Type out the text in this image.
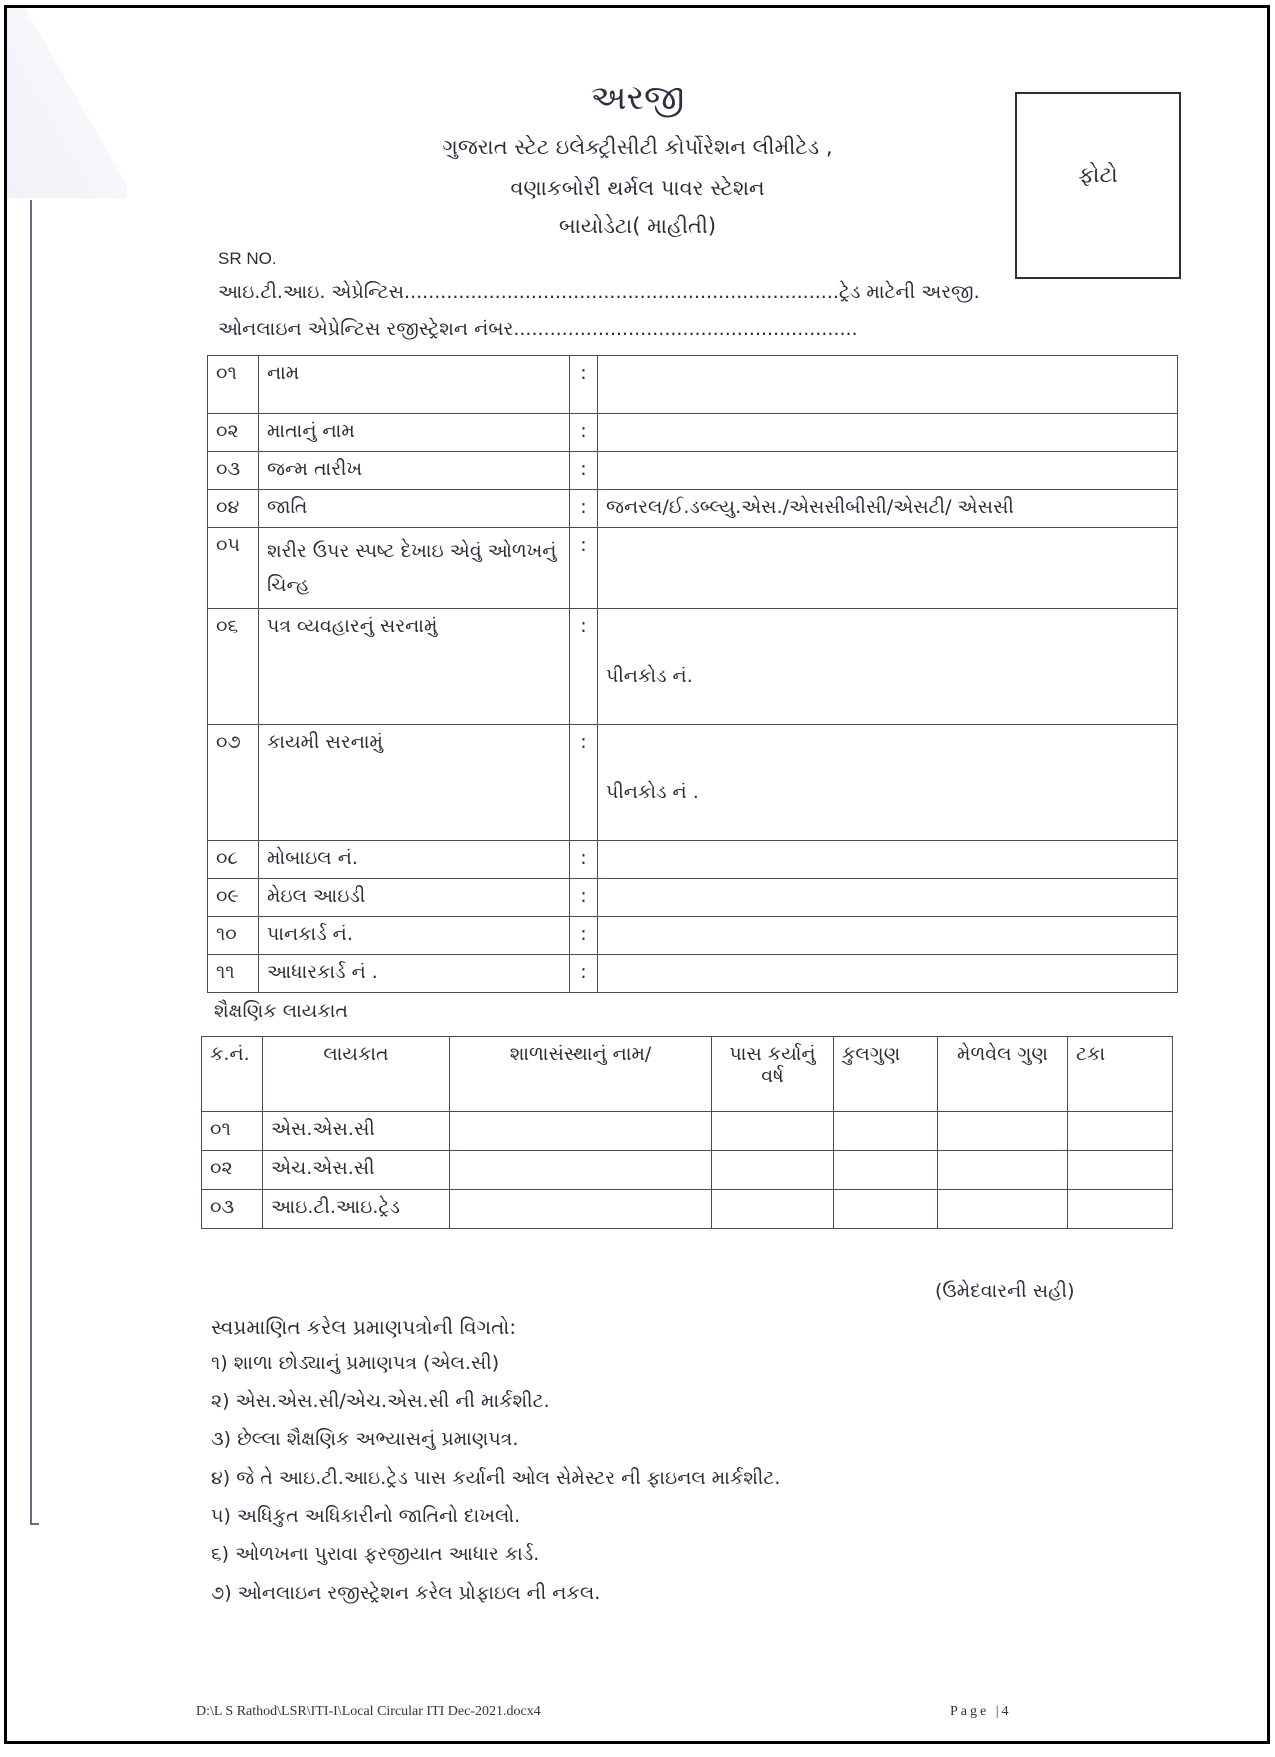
અરજી
ગુજરાત સ્ટેટ ઇલેક્ટ્રીસીટી કોર્પોરેશન લીમીટેડ ,
વણાકબોરી થર્મલ પાવર સ્ટેશન
બાયોડેટા( માહીતી)
ફોટો
SR NO.
આઇ.ટી.આઇ. એપ્રેન્ટિસ........................................................................ટ્રેડ માટેની અરજી.
ઓનલાઇન એપ્રેન્ટિસ રજીસ્ટ્રેશન નંબર.........................................................
૦૧	નામ	:	
૦૨	માતાનું નામ	:	
૦૩	જન્મ તારીખ	:	
૦૪	જાતિ	:	જનરલ/ઈ.ડબ્લ્યુ.એસ./એસસીબીસી/એસટી/ એસસી
૦૫	શરીર ઉપર સ્પષ્ટ દેખાઇ એવું ઓળખનું ચિન્હ	:	
૦૬	પત્ર વ્યવહારનું સરનામું	:	પીનકોડ નં.

૦૭	કાયમી સરનામું	:	પીનકોડ નં .

૦૮	મોબાઇલ નં.	:	
૦૯	મેઇલ આઇડી	:	
૧૦	પાનકાર્ડ નં.	:	
૧૧	આધારકાર્ડ નં .	:	
શૈક્ષણિક લાયકાત
ક.નં.	લાયકાત	શાળાસંસ્થાનું નામ/	પાસ કર્યાનું વર્ષ	કુલગુણ	મેળવેલ ગુણ	ટકા
૦૧	એસ.એસ.સી					
૦૨	એચ.એસ.સી					
૦૩	આઇ.ટી.આઇ.ટ્રેડ					
(ઉમેદવારની સહી)
સ્વપ્રમાણિત કરેલ પ્રમાણપત્રોની વિગતો:
૧) શાળા છોડ્યાનું પ્રમાણપત્ર (એલ.સી)
૨) એસ.એસ.સી/એચ.એસ.સી ની માર્કશીટ.
૩) છેલ્લા શૈક્ષણિક અભ્યાસનું પ્રમાણપત્ર.
૪) જે તે આઇ.ટી.આઇ.ટ્રેડ પાસ કર્યાની ઓલ સેમેસ્ટર ની ફાઇનલ માર્કશીટ.
૫) અધિકુત અધિકારીનો જાતિનો દાખલો.
૬) ઓળખના પુરાવા ફરજીયાત આધાર કાર્ડ.
૭) ઓનલાઇન રજીસ્ટ્રેશન કરેલ પ્રોફાઇલ ની નકલ.
D:\L S Rathod\LSR\ITI-I\Local Circular ITI Dec-2021.docx4	Page |4
